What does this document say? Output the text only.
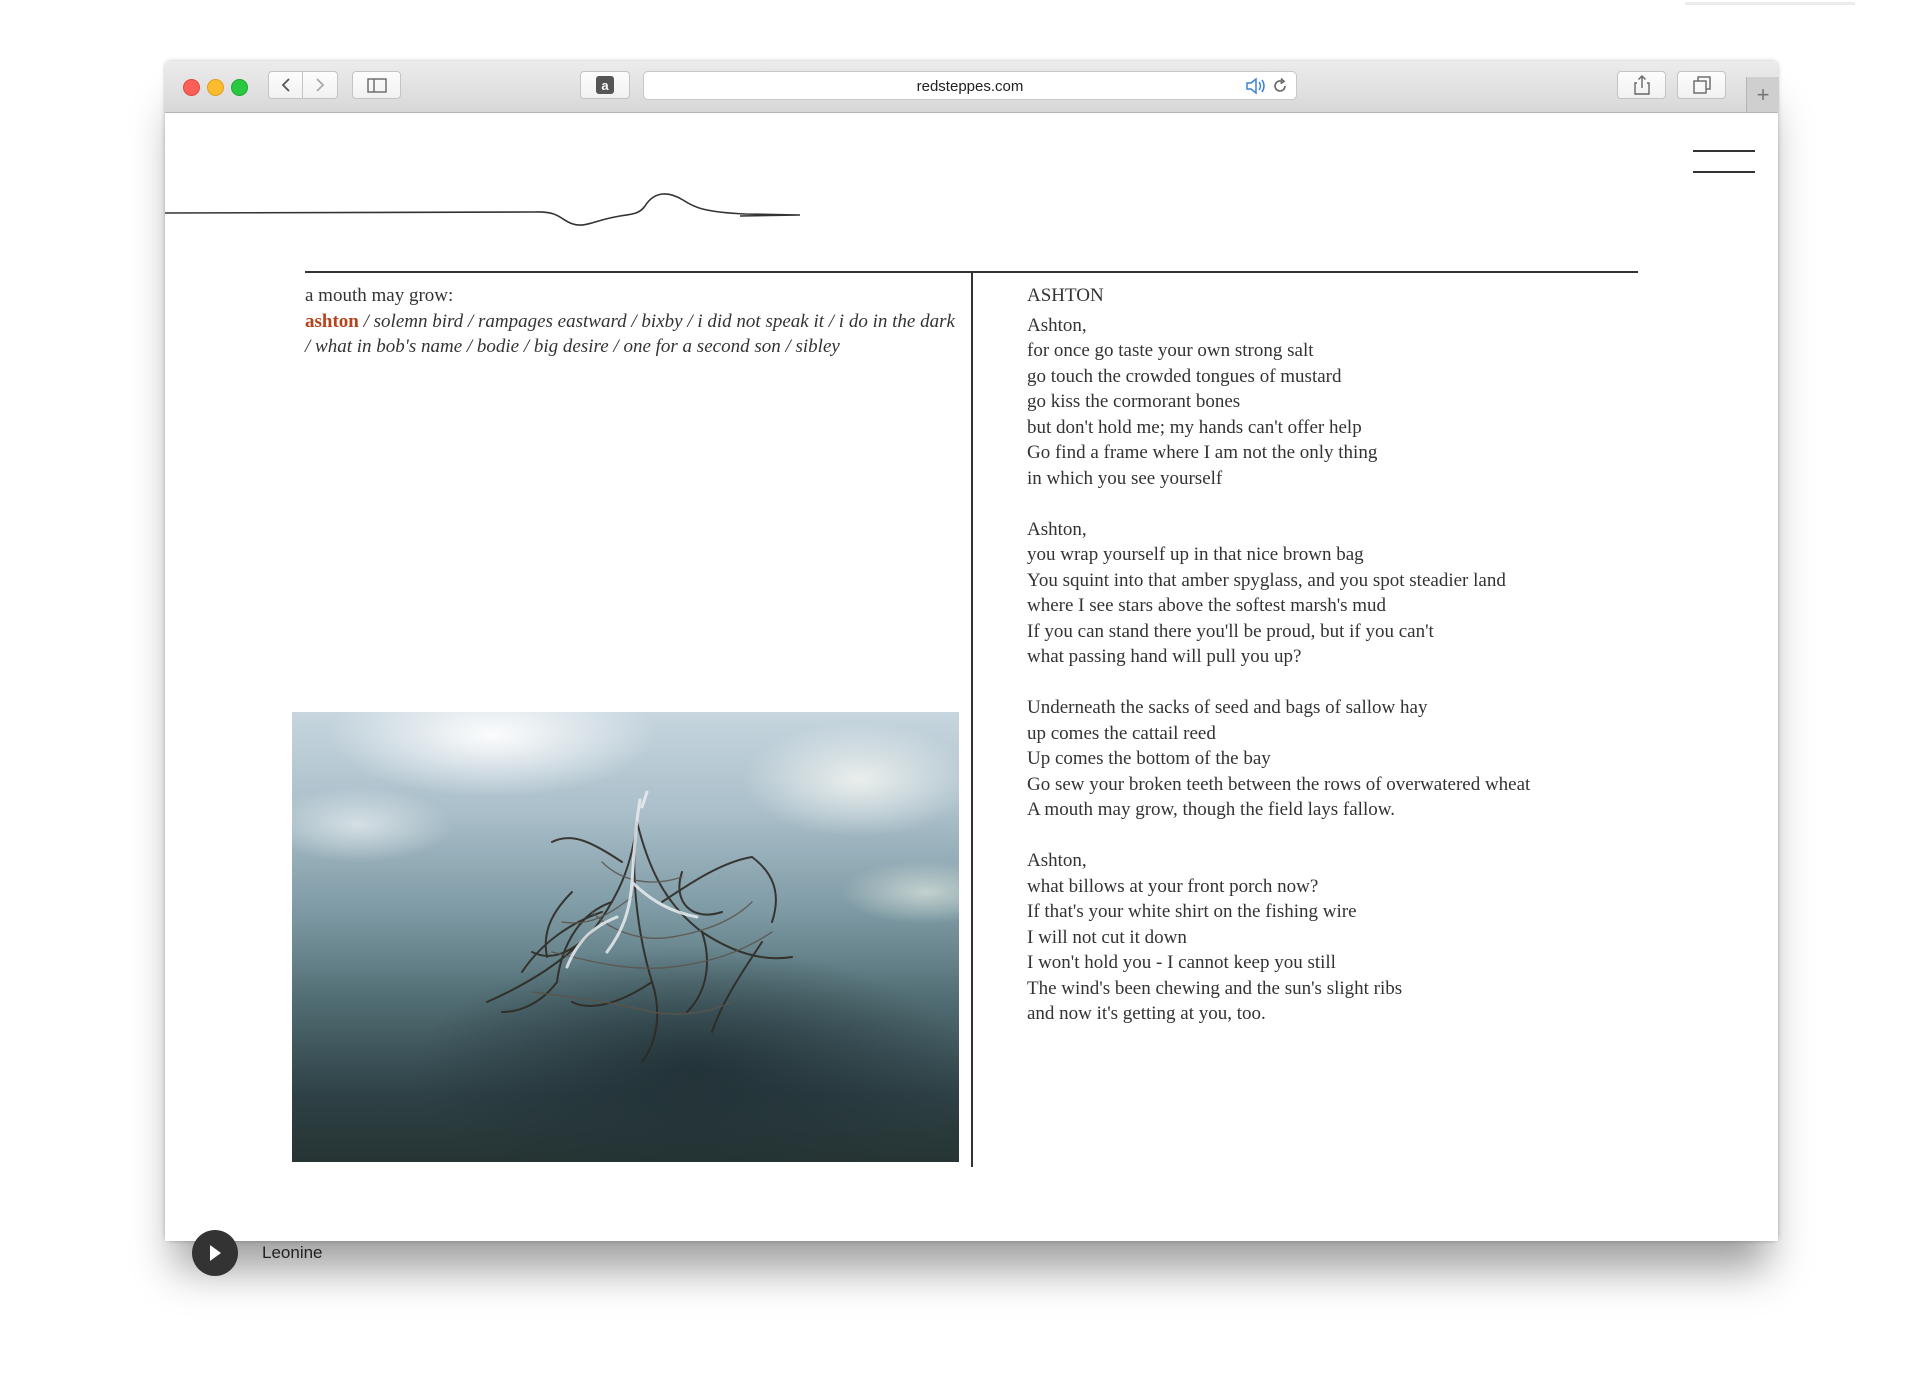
a	redsteppes.com	+
a mouth may grow:
ashton / solemn bird / rampages eastward / bixby / i did not speak it / i do in the dark / what in bob's name / bodie / big desire / one for a second son / sibley
ASHTON
Ashton,
for once go taste your own strong salt
go touch the crowded tongues of mustard
go kiss the cormorant bones
but don't hold me; my hands can't offer help
Go find a frame where I am not the only thing
in which you see yourself
Ashton,
you wrap yourself up in that nice brown bag
You squint into that amber spyglass, and you spot steadier land
where I see stars above the softest marsh's mud
If you can stand there you'll be proud, but if you can't
what passing hand will pull you up?
Underneath the sacks of seed and bags of sallow hay
up comes the cattail reed
Up comes the bottom of the bay
Go sew your broken teeth between the rows of overwatered wheat
A mouth may grow, though the field lays fallow.
Ashton,
what billows at your front porch now?
If that's your white shirt on the fishing wire
I will not cut it down
I won't hold you - I cannot keep you still
The wind's been chewing and the sun's slight ribs
and now it's getting at you, too.
Leonine
